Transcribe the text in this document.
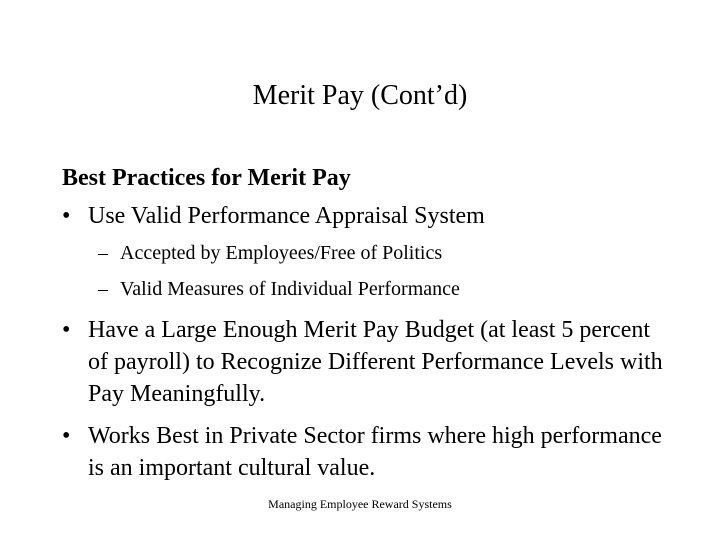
Merit Pay (Cont’d)
Best Practices for Merit Pay
• Use Valid Performance Appraisal System
– Accepted by Employees/Free of Politics
– Valid Measures of Individual Performance
• Have a Large Enough Merit Pay Budget (at least 5 percent of payroll) to Recognize Different Performance Levels with Pay Meaningfully.
• Works Best in Private Sector firms where high performance is an important cultural value.
Managing Employee Reward Systems
